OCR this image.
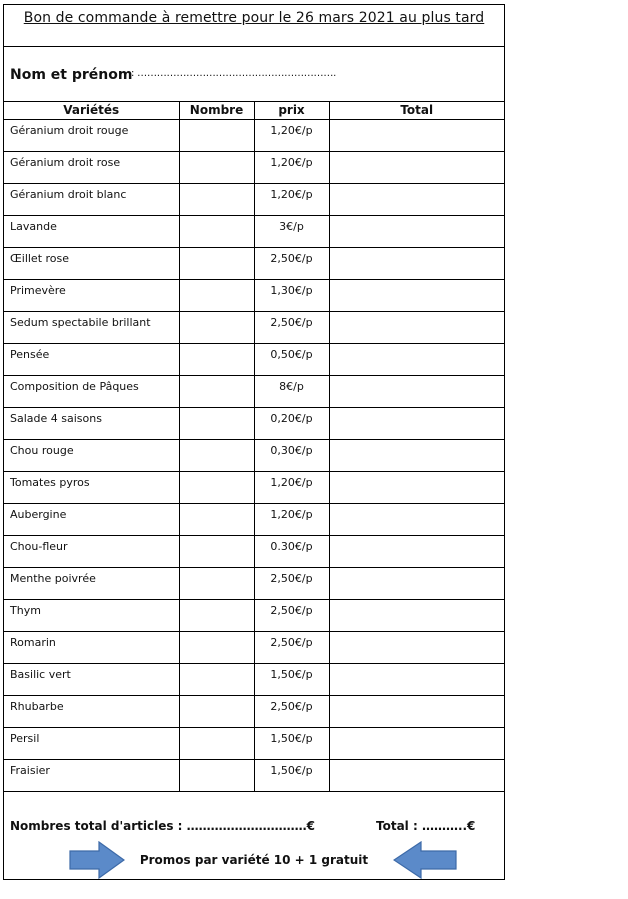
Bon de commande à remettre pour le 26 mars 2021 au plus tard
Nom et prénom
: …………………………………………………….
Variétés	Nombre	prix	Total

Géranium droit rouge		1,20€/p	

Géranium droit rose		1,20€/p	

Géranium droit blanc		1,20€/p	

Lavande		3€/p	

Œillet rose		2,50€/p	

Primevère		1,30€/p	

Sedum spectabile brillant		2,50€/p	

Pensée		0,50€/p	

Composition de Pâques		8€/p	

Salade 4 saisons		0,20€/p	

Chou rouge		0,30€/p	

Tomates pyros		1,20€/p	

Aubergine		1,20€/p	

Chou-fleur		0.30€/p	

Menthe poivrée		2,50€/p	

Thym		2,50€/p	

Romarin		2,50€/p	

Basilic vert		1,50€/p	

Rhubarbe		2,50€/p	

Persil		1,50€/p	

Fraisier		1,50€/p	

Nombres total d'articles : …………………………€	Total : ………..€
Promos par variété 10 + 1 gratuit
